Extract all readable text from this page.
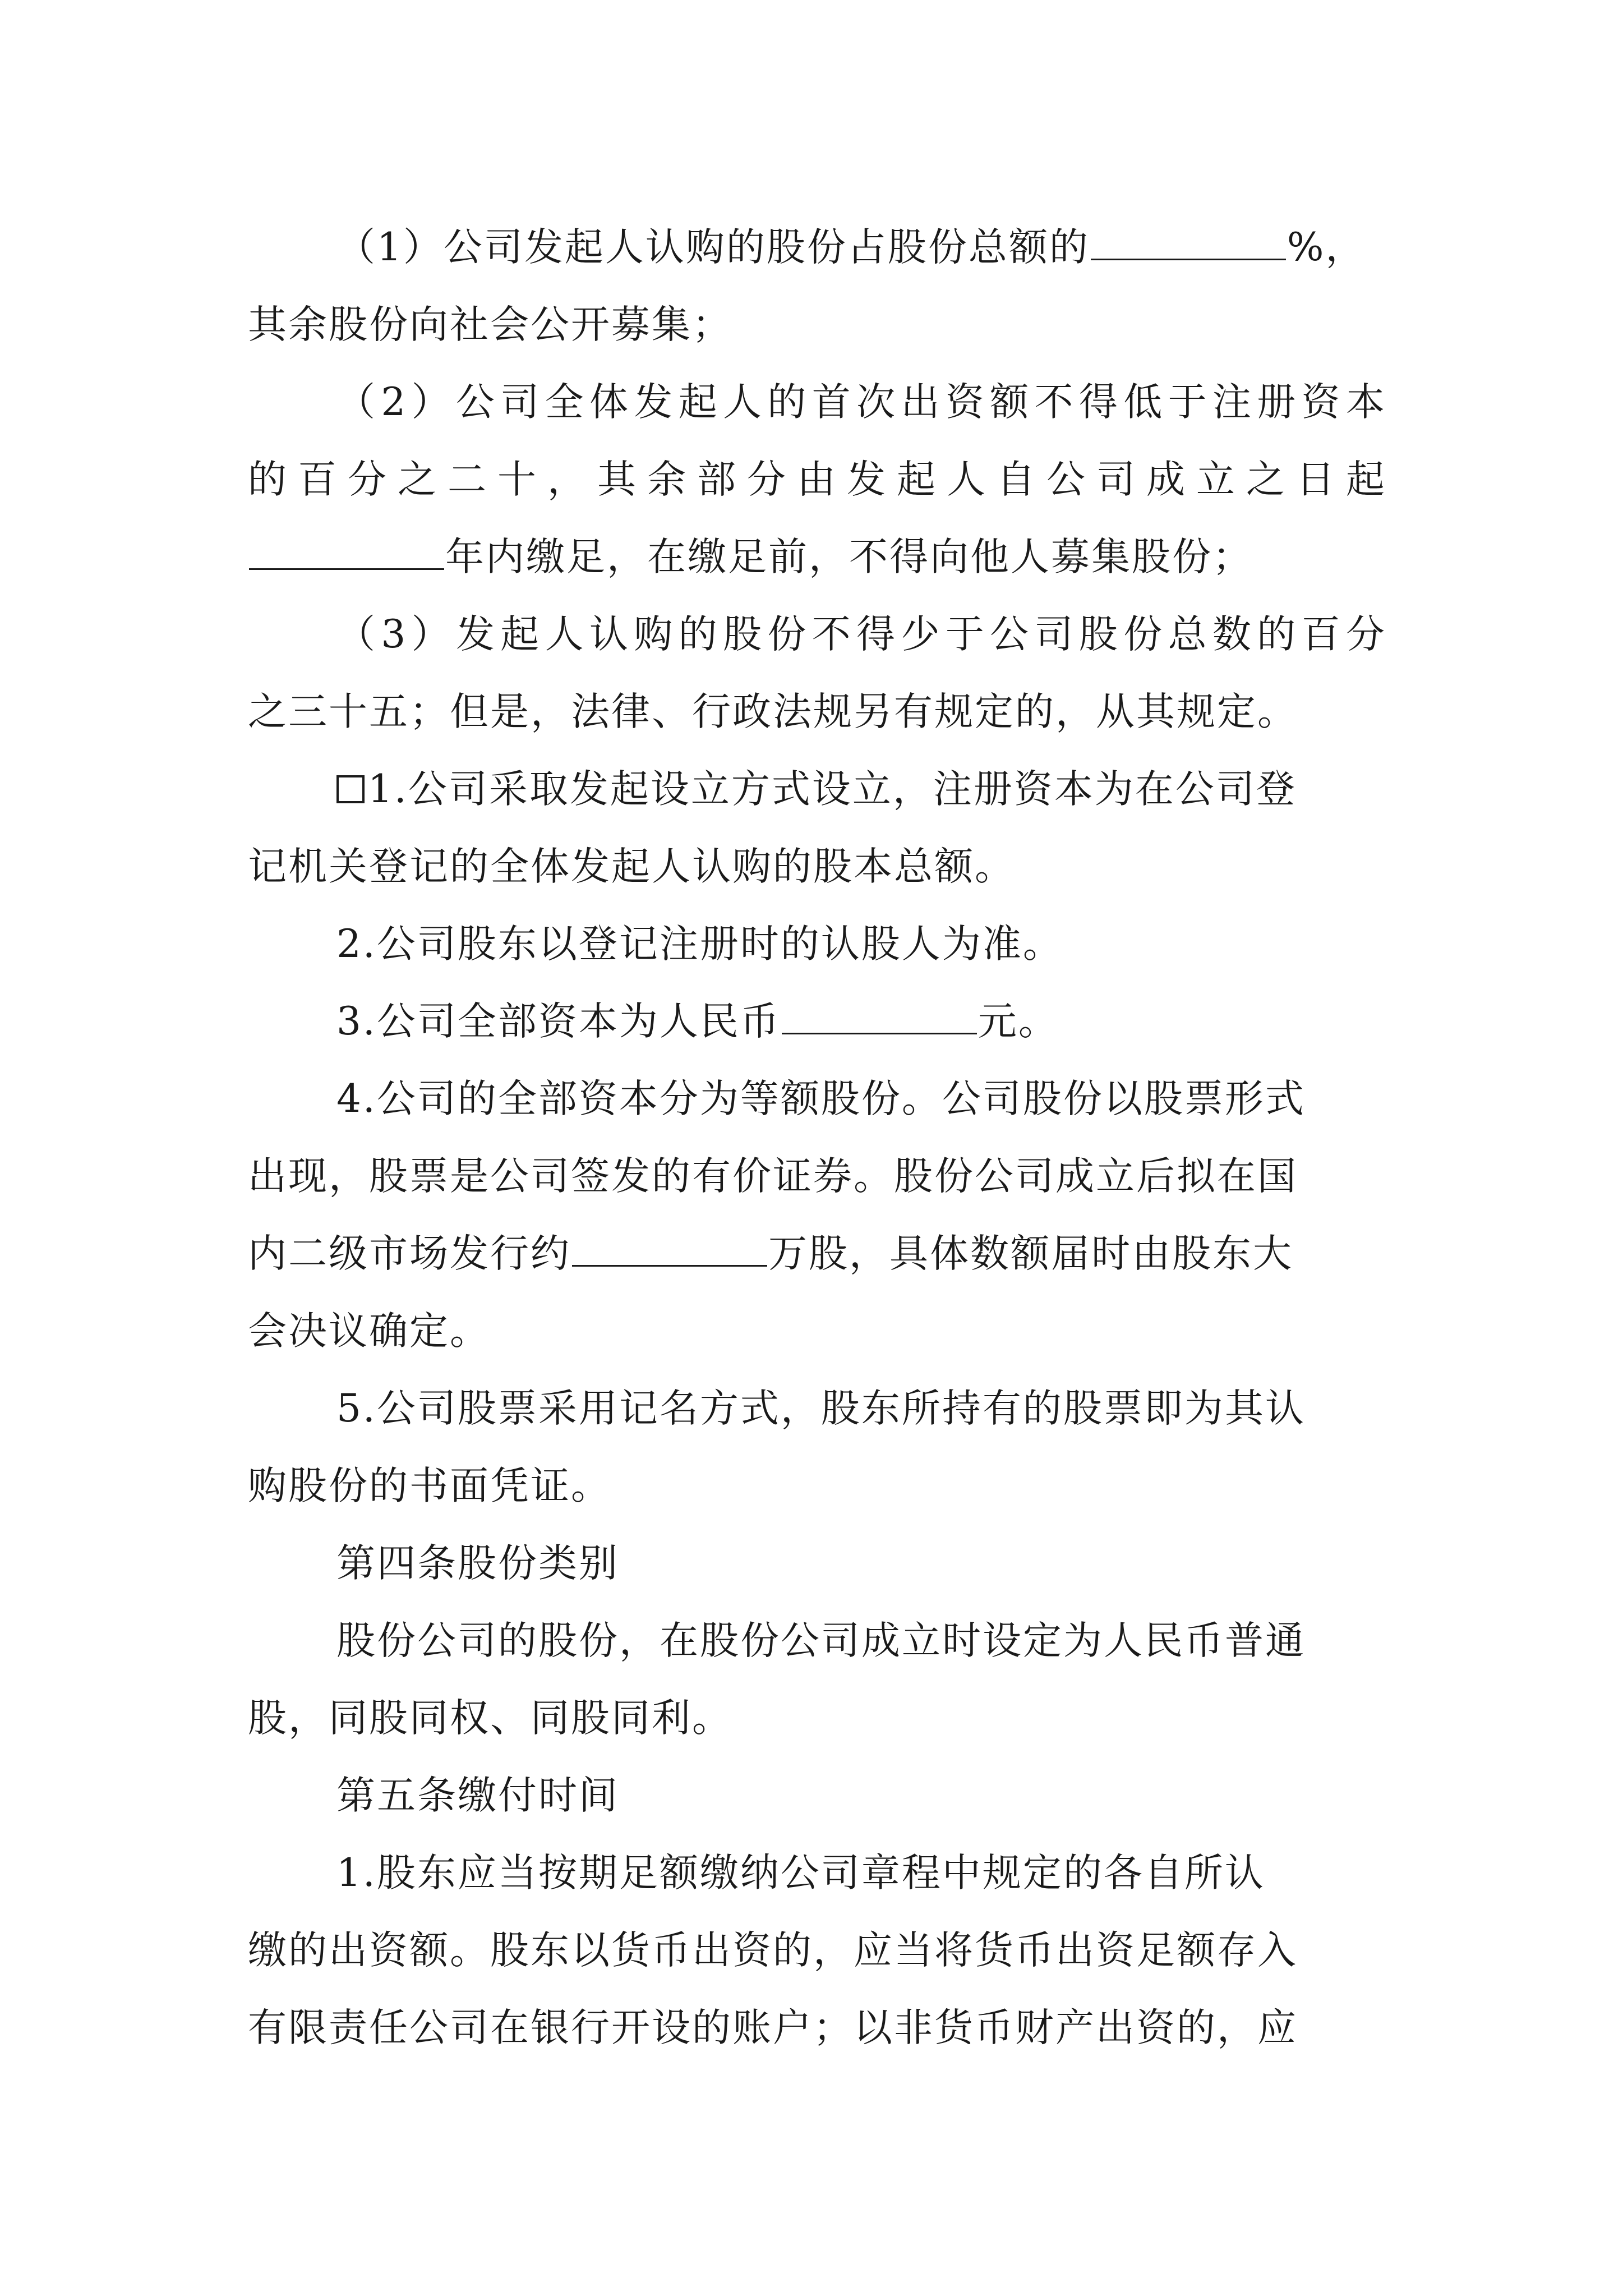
（1）公司发起人认购的股份占股份总额的	%，
其余股份向社会公开募集；
（2）公司全体发起人的首次出资额不得低于注册资本
的百分之二十，其余部分由发起人自公司成立之日起
年内缴足，在缴足前，不得向他人募集股份；
（3）发起人认购的股份不得少于公司股份总数的百分
之三十五；但是，法律、行政法规另有规定的，从其规定。
1.公司采取发起设立方式设立，注册资本为在公司登
记机关登记的全体发起人认购的股本总额。
2.公司股东以登记注册时的认股人为准。
3.公司全部资本为人民币	元。
4.公司的全部资本分为等额股份。公司股份以股票形式
出现，股票是公司签发的有价证券。股份公司成立后拟在国
内二级市场发行约	万股，具体数额届时由股东大
会决议确定。
5.公司股票采用记名方式，股东所持有的股票即为其认
购股份的书面凭证。
第四条股份类别
股份公司的股份，在股份公司成立时设定为人民币普通
股，同股同权、同股同利。
第五条缴付时间
1.股东应当按期足额缴纳公司章程中规定的各自所认
缴的出资额。股东以货币出资的，应当将货币出资足额存入
有限责任公司在银行开设的账户；以非货币财产出资的，应
